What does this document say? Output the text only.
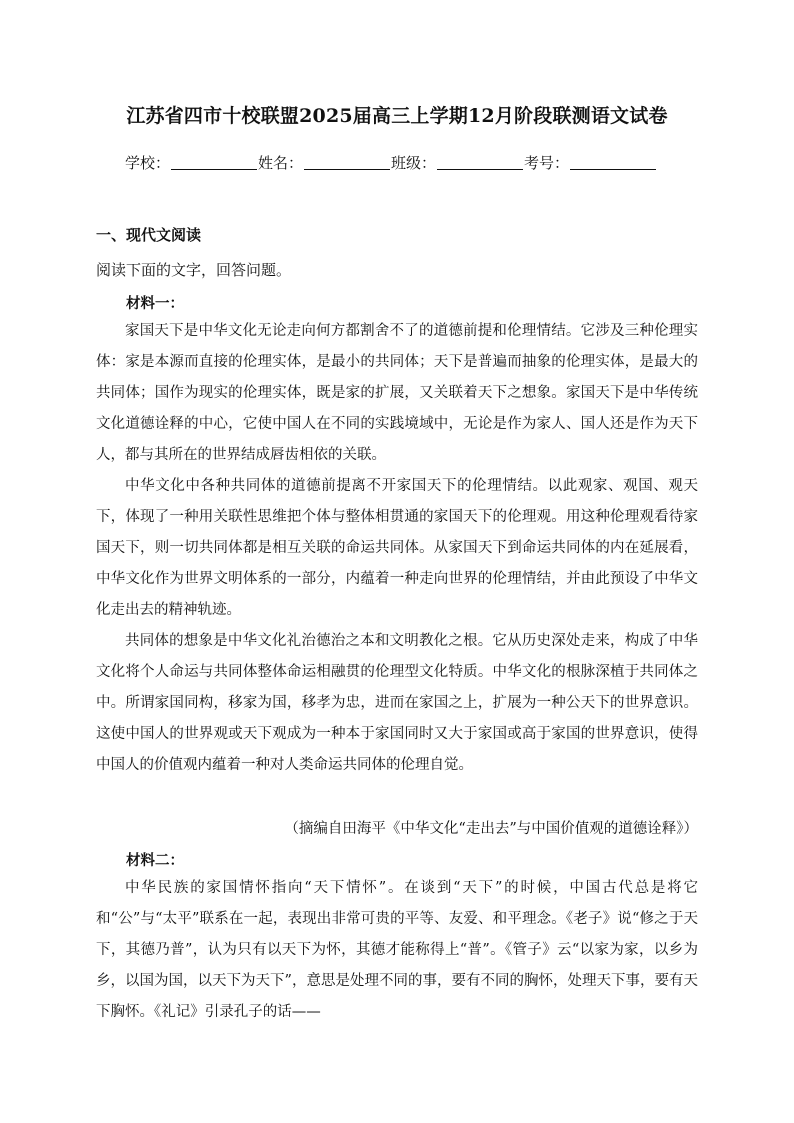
江苏省四市十校联盟2025届高三上学期12月阶段联测语文试卷
学校：	姓名：	班级：	考号：
一、现代文阅读
阅读下面的文字，回答问题。
材料一：

家国天下是中华文化无论走向何方都割舍不了的道德前提和伦理情结。它涉及三种伦理实体：家是本源而直接的伦理实体，是最小的共同体；天下是普遍而抽象的伦理实体，是最大的共同体；国作为现实的伦理实体，既是家的扩展，又关联着天下之想象。家国天下是中华传统文化道德诠释的中心，它使中国人在不同的实践境域中，无论是作为家人、国人还是作为天下人，都与其所在的世界结成唇齿相依的关联。

中华文化中各种共同体的道德前提离不开家国天下的伦理情结。以此观家、观国、观天下，体现了一种用关联性思维把个体与整体相贯通的家国天下的伦理观。用这种伦理观看待家国天下，则一切共同体都是相互关联的命运共同体。从家国天下到命运共同体的内在延展看，中华文化作为世界文明体系的一部分，内蕴着一种走向世界的伦理情结，并由此预设了中华文化走出去的精神轨迹。

共同体的想象是中华文化礼治德治之本和文明教化之根。它从历史深处走来，构成了中华文化将个人命运与共同体整体命运相融贯的伦理型文化特质。中华文化的根脉深植于共同体之中。所谓家国同构，移家为国，移孝为忠，进而在家国之上，扩展为一种公天下的世界意识。这使中国人的世界观或天下观成为一种本于家国同时又大于家国或高于家国的世界意识，使得中国人的价值观内蕴着一种对人类命运共同体的伦理自觉。

（摘编自田海平《中华文化“走出去”与中国价值观的道德诠释》）
材料二：

中华民族的家国情怀指向“天下情怀”。在谈到“天下”的时候，中国古代总是将它和“公”与“太平”联系在一起，表现出非常可贵的平等、友爱、和平理念。《老子》说“修之于天下，其德乃普”，认为只有以天下为怀，其德才能称得上“普”。《管子》云“以家为家，以乡为乡，以国为国，以天下为天下”，意思是处理不同的事，要有不同的胸怀，处理天下事，要有天下胸怀。《礼记》引录孔子的话——
